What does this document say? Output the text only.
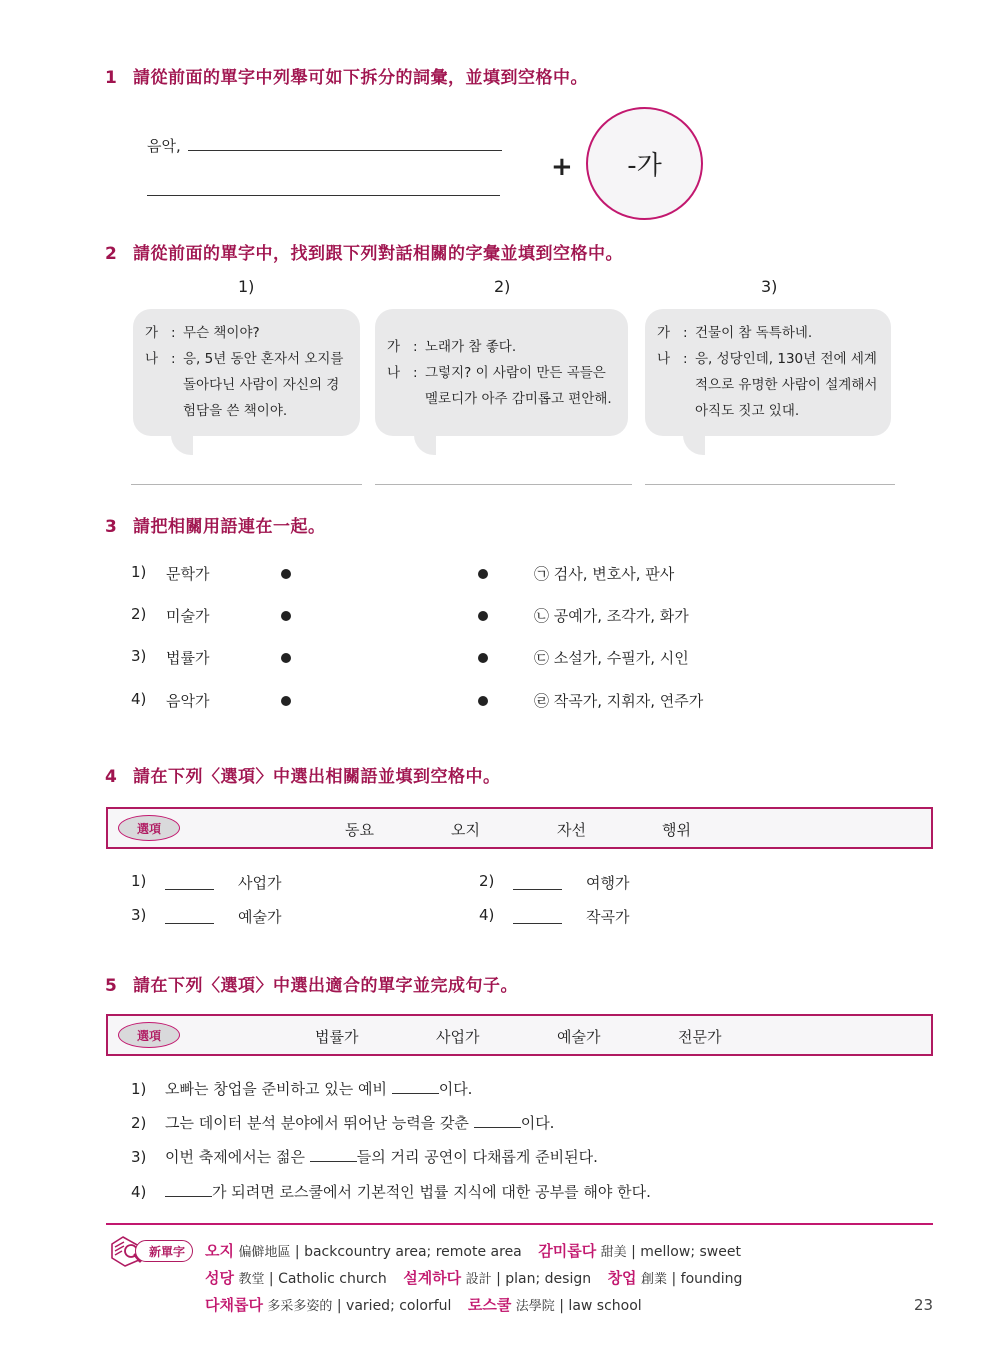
1 請從前面的單字中列舉可如下拆分的詞彙，並填到空格中。
음악,
+ -가
2 請從前面的單字中，找到跟下列對話相關的字彙並填到空格中。
1)	2)	3)
가 : 무슨 책이야?
나 : 응, 5년 동안 혼자서 오지를 돌아다닌 사람이 자신의 경험담을 쓴 책이야.
가 : 노래가 참 좋다.
나 : 그렇지? 이 사람이 만든 곡들은 멜로디가 아주 감미롭고 편안해.
가 : 건물이 참 독특하네.
나 : 응, 성당인데, 130년 전에 세계적으로 유명한 사람이 설계해서 아직도 짓고 있대.
3 請把相關用語連在一起。
1) 문학가	㉠ 검사, 변호사, 판사
2) 미술가	㉡ 공예가, 조각가, 화가
3) 법률가	㉢ 소설가, 수필가, 시인
4) 음악가	㉣ 작곡가, 지휘자, 연주가
4 請在下列〈選項〉中選出相關語並填到空格中。
選項	동요	오지	자선	행위
1)	사업가	2)	여행가
3)	예술가	4)	작곡가
5 請在下列〈選項〉中選出適合的單字並完成句子。
選項	법률가	사업가	예술가	전문가
1) 오빠는 창업을 준비하고 있는 예비	이다.
2) 그는 데이터 분석 분야에서 뛰어난 능력을 갖춘	이다.
3) 이번 축제에서는 젊은	들의 거리 공연이 다채롭게 준비된다.
4)	가 되려면 로스쿨에서 기본적인 법률 지식에 대한 공부를 해야 한다.
新單字	오지 偏僻地區 | backcountry area; remote area 감미롭다 甜美 | mellow; sweet
성당 教堂 | Catholic church 설계하다 設計 | plan; design 창업 創業 | founding
다채롭다 多采多姿的 | varied; colorful 로스쿨 法學院 | law school	23
